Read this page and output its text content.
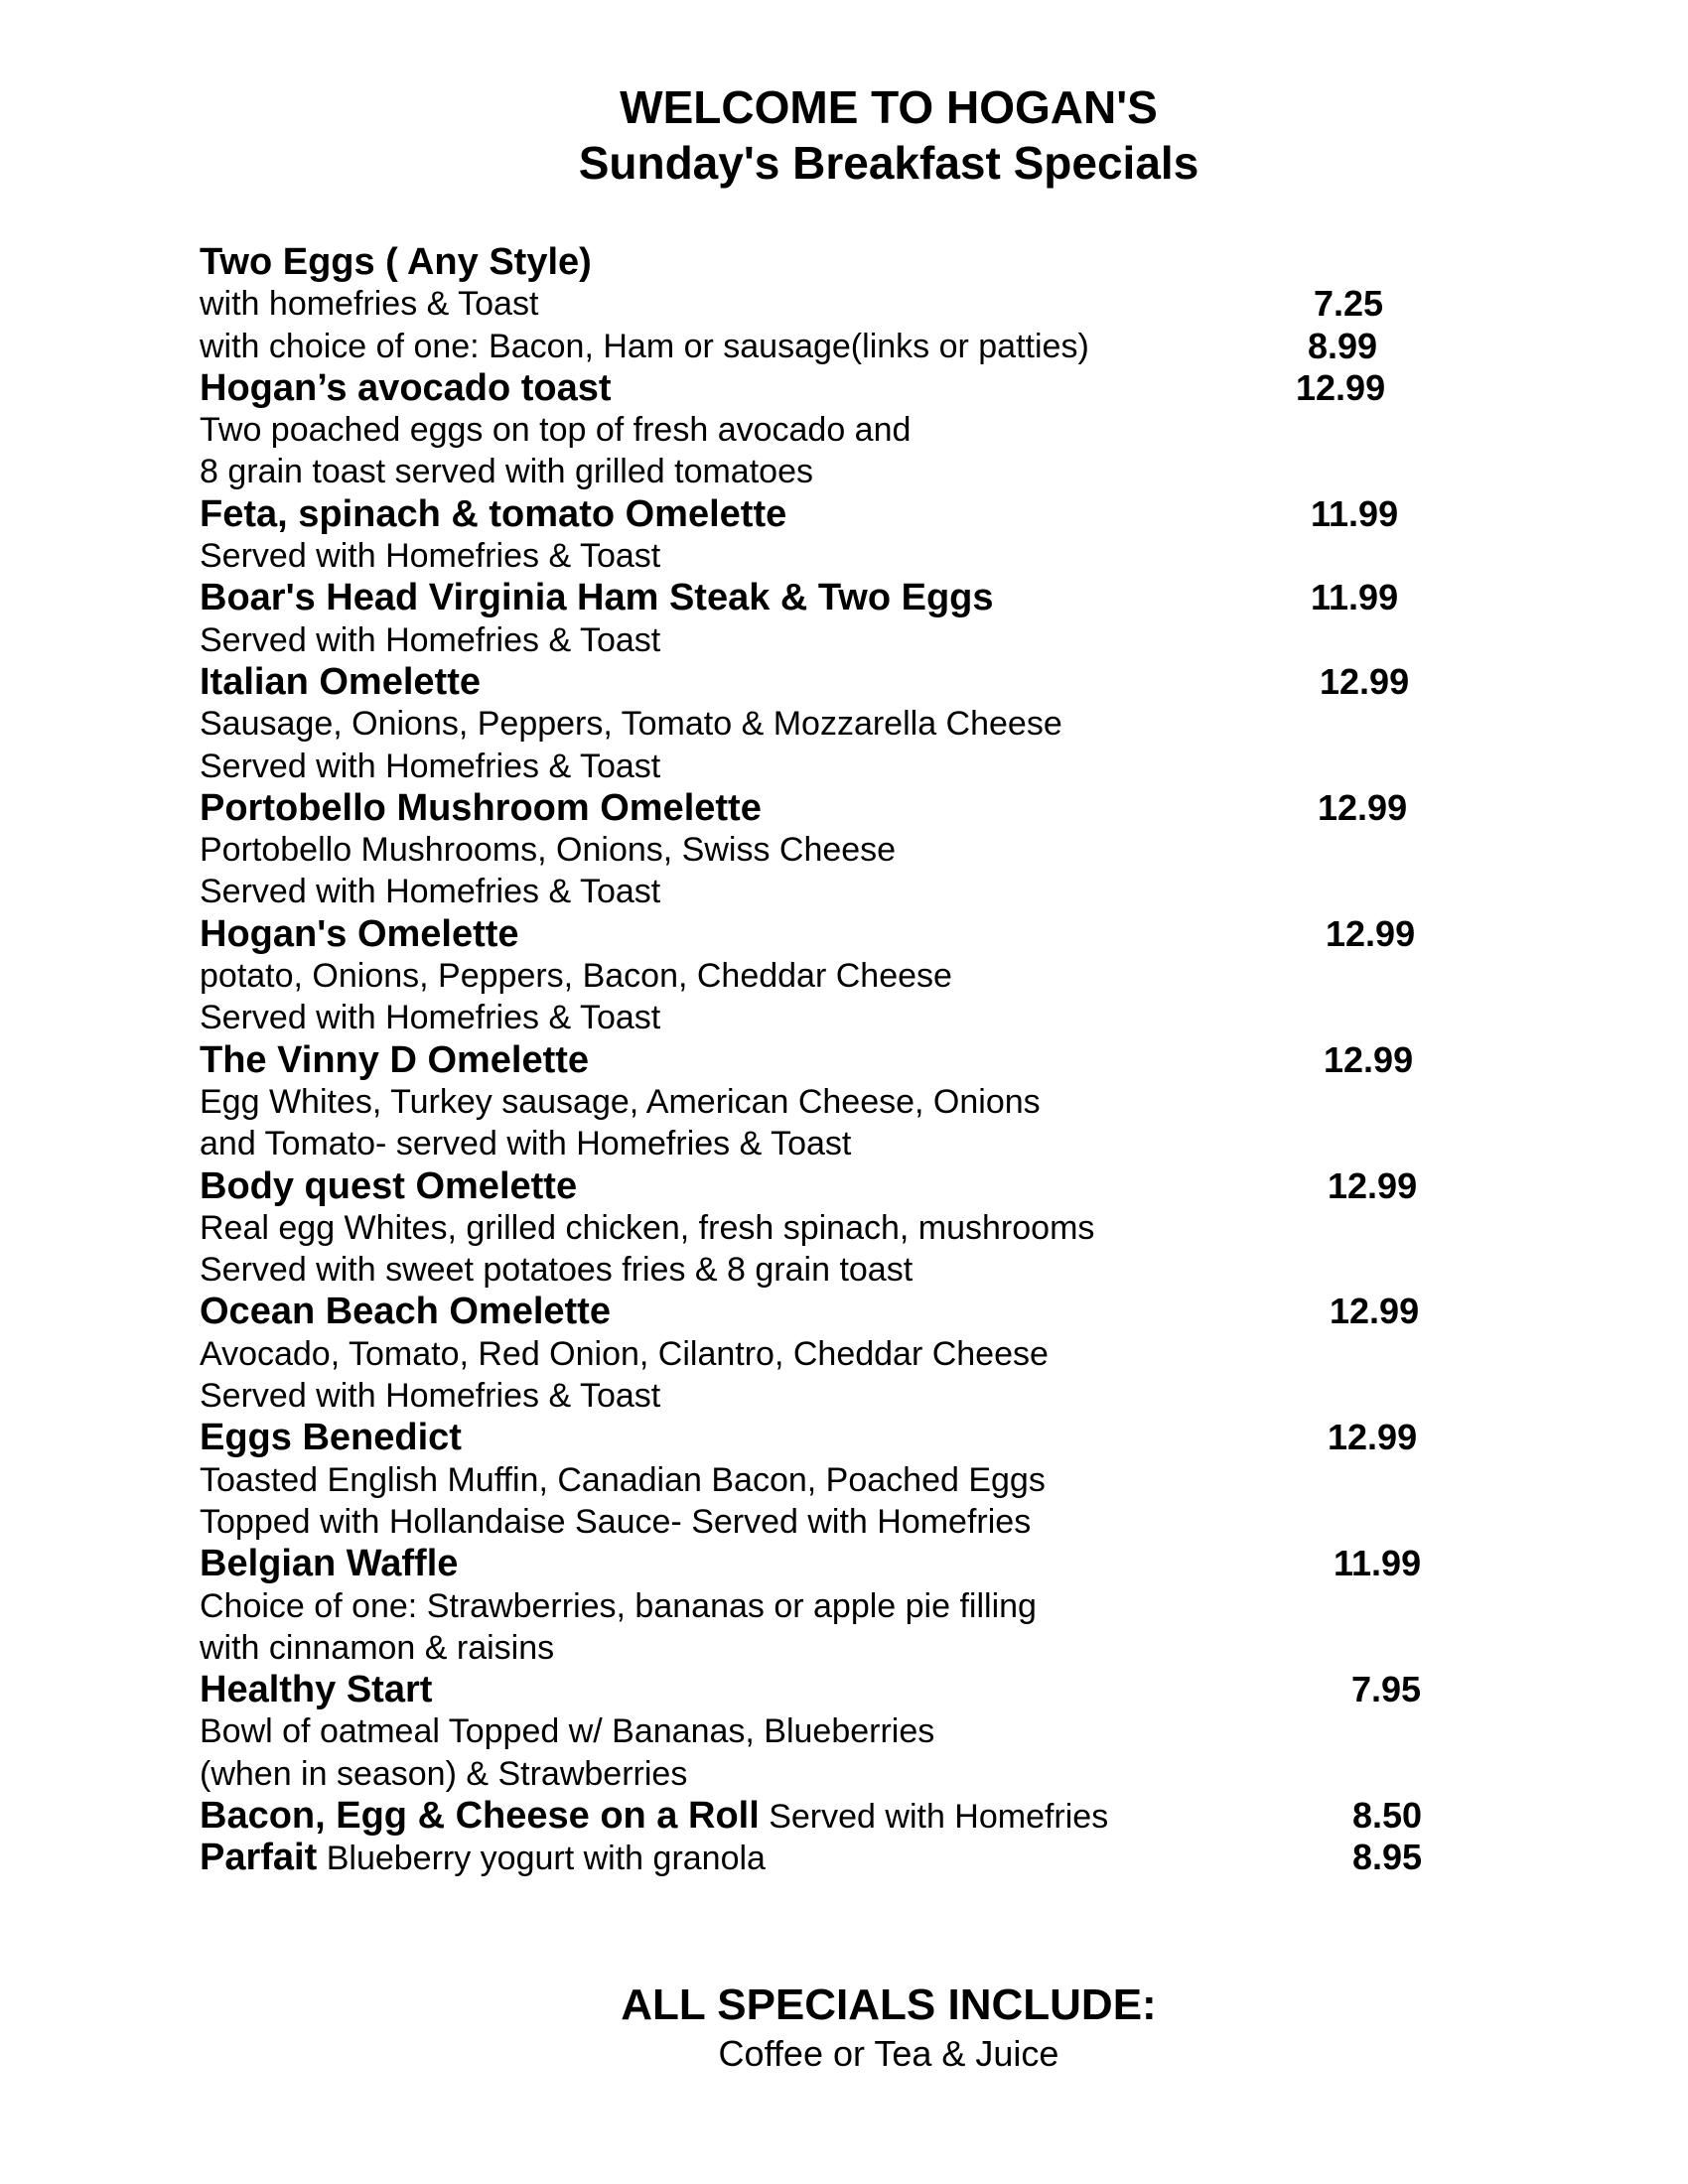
WELCOME TO HOGAN'S
Sunday's Breakfast Specials
Two Eggs ( Any Style)
with homefries & Toast	7.25
with choice of one: Bacon, Ham or sausage(links or patties)	8.99
Hogan’s avocado toast	12.99
Two poached eggs on top of fresh avocado and
8 grain toast served with grilled tomatoes
Feta, spinach & tomato Omelette	11.99
Served with Homefries & Toast
Boar's Head Virginia Ham Steak & Two Eggs	11.99
Served with Homefries & Toast
Italian Omelette	12.99
Sausage, Onions, Peppers, Tomato & Mozzarella Cheese
Served with Homefries & Toast
Portobello Mushroom Omelette	12.99
Portobello Mushrooms, Onions, Swiss Cheese
Served with Homefries & Toast
Hogan's Omelette	12.99
potato, Onions, Peppers, Bacon, Cheddar Cheese
Served with Homefries & Toast
The Vinny D Omelette	12.99
Egg Whites, Turkey sausage, American Cheese, Onions
and Tomato- served with Homefries & Toast
Body quest Omelette	12.99
Real egg Whites, grilled chicken, fresh spinach, mushrooms
Served with sweet potatoes fries & 8 grain toast
Ocean Beach Omelette	12.99
Avocado, Tomato, Red Onion, Cilantro, Cheddar Cheese
Served with Homefries & Toast
Eggs Benedict	12.99
Toasted English Muffin, Canadian Bacon, Poached Eggs
Topped with Hollandaise Sauce- Served with Homefries
Belgian Waffle	11.99
Choice of one: Strawberries, bananas or apple pie filling
with cinnamon & raisins
Healthy Start	7.95
Bowl of oatmeal Topped w/ Bananas, Blueberries
(when in season) & Strawberries
Bacon, Egg & Cheese on a Roll Served with Homefries	8.50
Parfait Blueberry yogurt with granola	8.95
ALL SPECIALS INCLUDE:
Coffee or Tea & Juice
